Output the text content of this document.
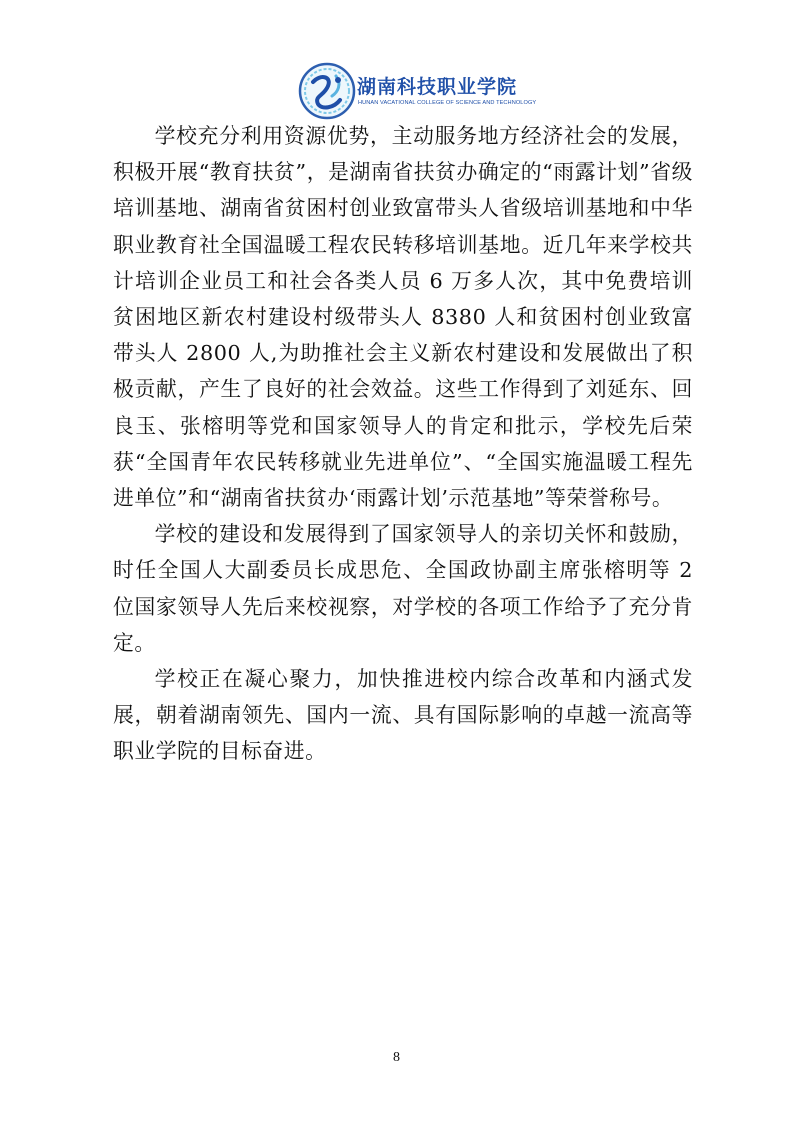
湖南科技职业学院
HUNAN VACATIONAL COLLEGE OF SCIENCE AND TECHNOLOGY

学校充分利用资源优势，主动服务地方经济社会的发展，积极开展“教育扶贫”，是湖南省扶贫办确定的“雨露计划”省级培训基地、湖南省贫困村创业致富带头人省级培训基地和中华职业教育社全国温暖工程农民转移培训基地。近几年来学校共计培训企业员工和社会各类人员 6 万多人次，其中免费培训贫困地区新农村建设村级带头人 8380 人和贫困村创业致富带头人 2800 人,为助推社会主义新农村建设和发展做出了积极贡献，产生了良好的社会效益。这些工作得到了刘延东、回良玉、张榕明等党和国家领导人的肯定和批示，学校先后荣获“全国青年农民转移就业先进单位”、“全国实施温暖工程先进单位”和“湖南省扶贫办‘雨露计划’示范基地”等荣誉称号。

学校的建设和发展得到了国家领导人的亲切关怀和鼓励，时任全国人大副委员长成思危、全国政协副主席张榕明等 2 位国家领导人先后来校视察，对学校的各项工作给予了充分肯定。

学校正在凝心聚力，加快推进校内综合改革和内涵式发展，朝着湖南领先、国内一流、具有国际影响的卓越一流高等职业学院的目标奋进。

8
